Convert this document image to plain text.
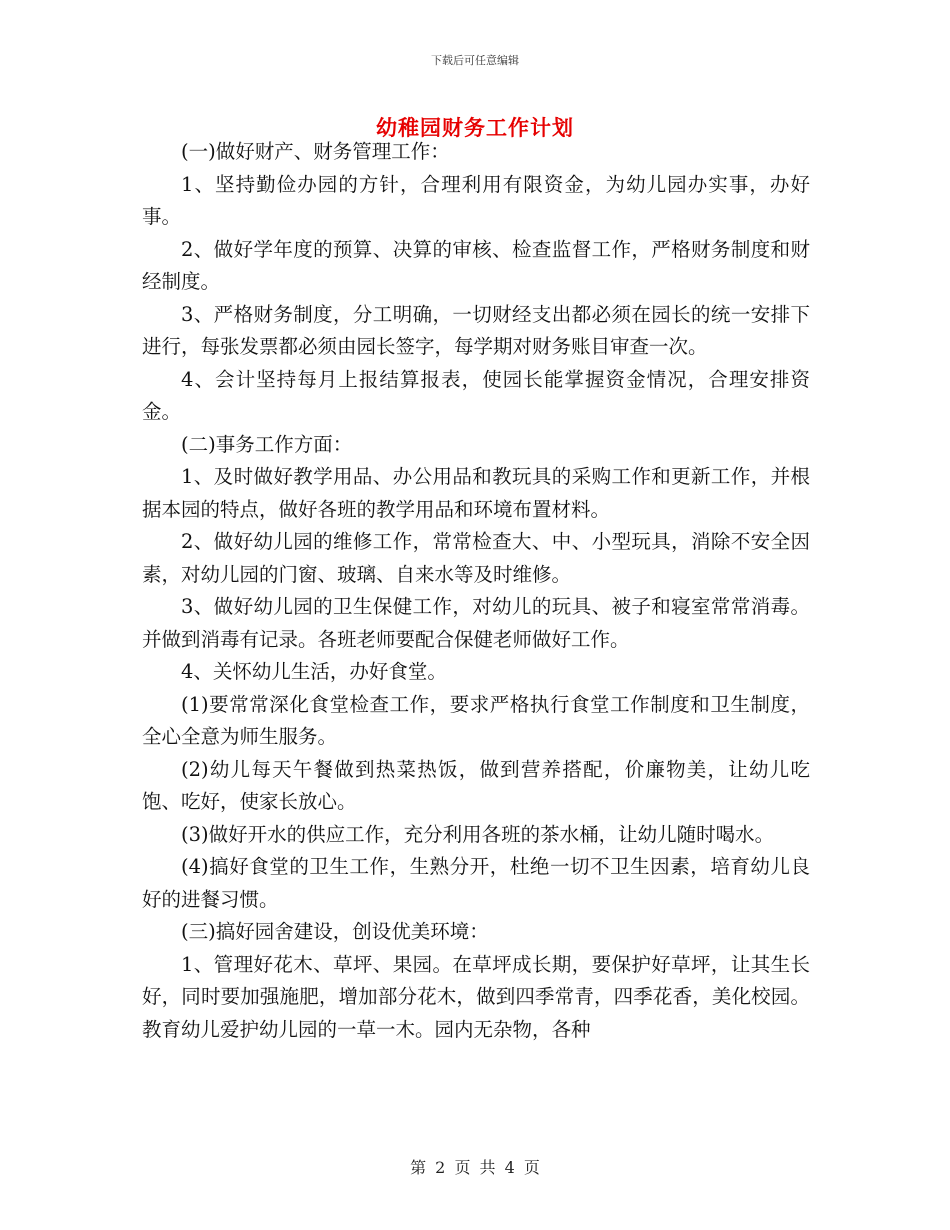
下载后可任意编辑
幼稚园财务工作计划

(一)做好财产、财务管理工作：

1、坚持勤俭办园的方针，合理利用有限资金，为幼儿园办实事，办好事。

2、做好学年度的预算、决算的审核、检查监督工作，严格财务制度和财经制度。

3、严格财务制度，分工明确，一切财经支出都必须在园长的统一安排下进行，每张发票都必须由园长签字，每学期对财务账目审查一次。

4、会计坚持每月上报结算报表，使园长能掌握资金情况，合理安排资金。

(二)事务工作方面：

1、及时做好教学用品、办公用品和教玩具的采购工作和更新工作，并根据本园的特点，做好各班的教学用品和环境布置材料。

2、做好幼儿园的维修工作，常常检查大、中、小型玩具，消除不安全因素，对幼儿园的门窗、玻璃、自来水等及时维修。

3、做好幼儿园的卫生保健工作，对幼儿的玩具、被子和寝室常常消毒。并做到消毒有记录。各班老师要配合保健老师做好工作。

4、关怀幼儿生活，办好食堂。

(1)要常常深化食堂检查工作，要求严格执行食堂工作制度和卫生制度，全心全意为师生服务。

(2)幼儿每天午餐做到热菜热饭，做到营养搭配，价廉物美，让幼儿吃饱、吃好，使家长放心。

(3)做好开水的供应工作，充分利用各班的茶水桶，让幼儿随时喝水。

(4)搞好食堂的卫生工作，生熟分开，杜绝一切不卫生因素，培育幼儿良好的进餐习惯。

(三)搞好园舍建设，创设优美环境：

1、管理好花木、草坪、果园。在草坪成长期，要保护好草坪，让其生长好，同时要加强施肥，增加部分花木，做到四季常青，四季花香，美化校园。教育幼儿爱护幼儿园的一草一木。园内无杂物，各种

第 2 页 共 4 页
